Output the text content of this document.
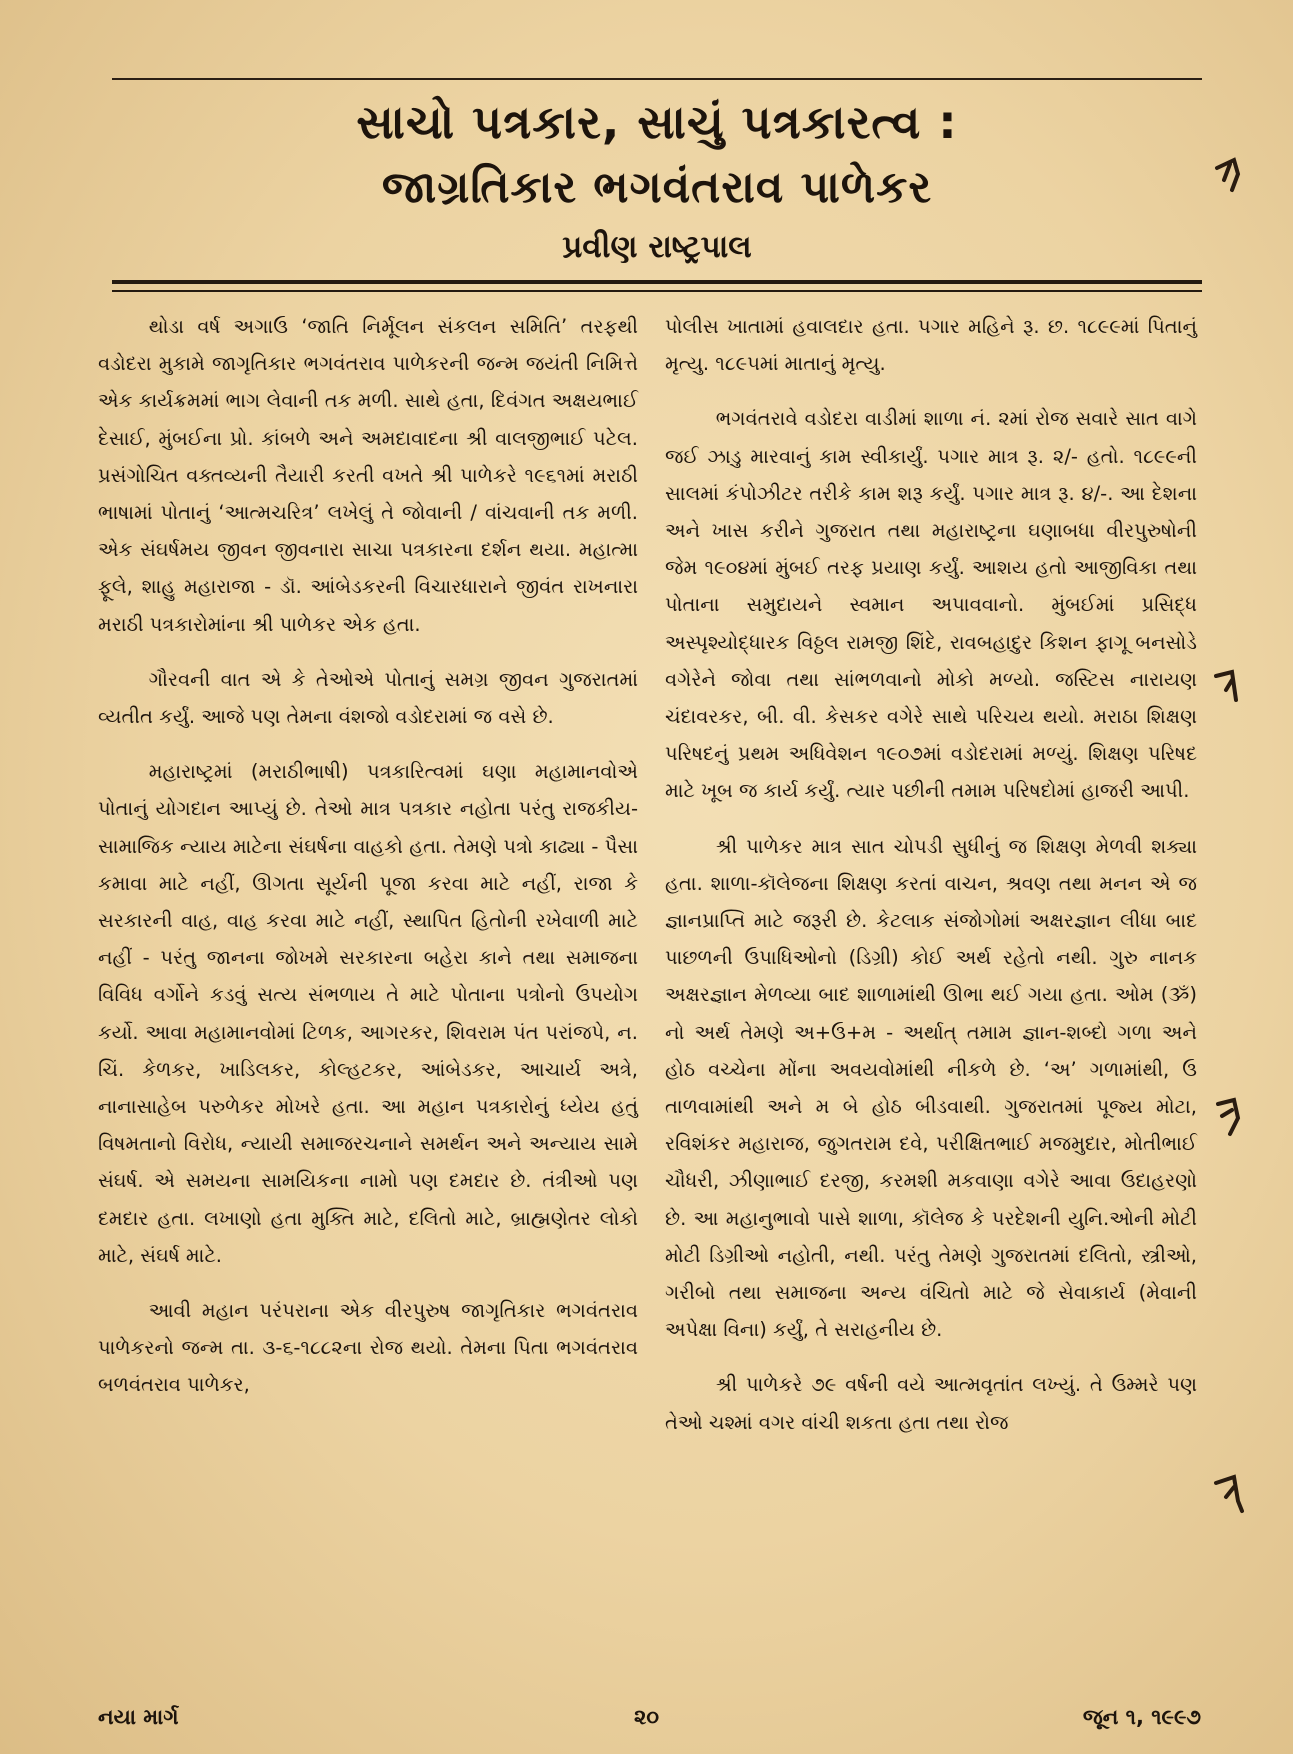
સાચો પત્રકાર, સાચું પત્રકારત્વ :
જાગ્રતિકાર ભગવંતરાવ પાળેકર
પ્રવીણ રાષ્ટ્રપાલ

થોડા વર્ષ અગાઉ ‘જાતિ નિર્મૂલન સંકલન સમિતિ’ તરફથી વડોદરા મુકામે જાગૃતિકાર ભગવંતરાવ પાળેકરની જન્મ જયંતી નિમિત્તે એક કાર્યક્રમમાં ભાગ લેવાની તક મળી. સાથે હતા, દિવંગત અક્ષયભાઈ દેસાઈ, મુંબઈના પ્રો. કાંબળે અને અમદાવાદના શ્રી વાલજીભાઈ પટેલ. પ્રસંગોચિત વક્તવ્યની તૈયારી કરતી વખતે શ્રી પાળેકરે ૧૯૬૧માં મરાઠી ભાષામાં પોતાનું ‘આત્મચરિત્ર’ લખેલું તે જોવાની / વાંચવાની તક મળી. એક સંઘર્ષમય જીવન જીવનારા સાચા પત્રકારના દર્શન થયા. મહાત્મા ફૂલે, શાહુ મહારાજા - ડૉ. આંબેડકરની વિચારધારાને જીવંત રાખનારા મરાઠી પત્રકારોમાંના શ્રી પાળેકર એક હતા.

ગૌરવની વાત એ કે તેઓએ પોતાનું સમગ્ર જીવન ગુજરાતમાં વ્યતીત કર્યું. આજે પણ તેમના વંશજો વડોદરામાં જ વસે છે.

મહારાષ્ટ્રમાં (મરાઠીભાષી) પત્રકારિત્વમાં ઘણા મહામાનવોએ પોતાનું યોગદાન આપ્યું છે. તેઓ માત્ર પત્રકાર નહોતા પરંતુ રાજકીય-સામાજિક ન્યાય માટેના સંઘર્ષના વાહકો હતા. તેમણે પત્રો કાઢ્યા - પૈસા કમાવા માટે નહીં, ઊગતા સૂર્યની પૂજા કરવા માટે નહીં, રાજા કે સરકારની વાહ, વાહ કરવા માટે નહીં, સ્થાપિત હિતોની રખેવાળી માટે નહીં - પરંતુ જાનના જોખમે સરકારના બહેરા કાને તથા સમાજના વિવિધ વર્ગોને કડવું સત્ય સંભળાય તે માટે પોતાના પત્રોનો ઉપયોગ કર્યો. આવા મહામાનવોમાં ટિળક, આગરકર, શિવરામ પંત પરાંજપે, ન. ચિં. કેળકર, ખાડિલકર, કોલ્હટકર, આંબેડકર, આચાર્ય અત્રે, નાનાસાહેબ પરુળેકર મોખરે હતા. આ મહાન પત્રકારોનું ધ્યેય હતું વિષમતાનો વિરોધ, ન્યાયી સમાજરચનાને સમર્થન અને અન્યાય સામે સંઘર્ષ. એ સમયના સામયિકના નામો પણ દમદાર છે. તંત્રીઓ પણ દમદાર હતા. લખાણો હતા મુક્તિ માટે, દલિતો માટે, બ્રાહ્મણેતર લોકો માટે, સંઘર્ષ માટે.

આવી મહાન પરંપરાના એક વીરપુરુષ જાગૃતિકાર ભગવંતરાવ પાળેકરનો જન્મ તા. ૩-૬-૧૮૮૨ના રોજ થયો. તેમના પિતા ભગવંતરાવ બળવંતરાવ પાળેકર,

પોલીસ ખાતામાં હવાલદાર હતા. પગાર મહિને રૂ. છ. ૧૮૯૯માં પિતાનું મૃત્યુ. ૧૮૯૫માં માતાનું મૃત્યુ.

ભગવંતરાવે વડોદરા વાડીમાં શાળા નં. ૨માં રોજ સવારે સાત વાગે જઈ ઝાડુ મારવાનું કામ સ્વીકાર્યું. પગાર માત્ર રૂ. ૨/- હતો. ૧૮૯૯ની સાલમાં કંપોઝીટર તરીકે કામ શરૂ કર્યું. પગાર માત્ર રૂ. ૪/-. આ દેશના અને ખાસ કરીને ગુજરાત તથા મહારાષ્ટ્રના ઘણાબધા વીરપુરુષોની જેમ ૧૯૦૪માં મુંબઈ તરફ પ્રયાણ કર્યું. આશય હતો આજીવિકા તથા પોતાના સમુદાયને સ્વમાન અપાવવાનો. મુંબઈમાં પ્રસિદ્ધ અસ્પૃશ્યોદ્ધારક વિઠ્ઠલ રામજી શિંદે, રાવબહાદુર કિશન ફાગૂ બનસોડે વગેરેને જોવા તથા સાંભળવાનો મોકો મળ્યો. જસ્ટિસ નારાયણ ચંદાવરકર, બી. વી. કેસકર વગેરે સાથે પરિચય થયો. મરાઠા શિક્ષણ પરિષદનું પ્રથમ અધિવેશન ૧૯૦૭માં વડોદરામાં મળ્યું. શિક્ષણ પરિષદ માટે ખૂબ જ કાર્ય કર્યું. ત્યાર પછીની તમામ પરિષદોમાં હાજરી આપી.

શ્રી પાળેકર માત્ર સાત ચોપડી સુધીનું જ શિક્ષણ મેળવી શક્યા હતા. શાળા-કૉલેજના શિક્ષણ કરતાં વાચન, શ્રવણ તથા મનન એ જ જ્ઞાનપ્રાપ્તિ માટે જરૂરી છે. કેટલાક સંજોગોમાં અક્ષરજ્ઞાન લીધા બાદ પાછળની ઉપાધિઓનો (ડિગ્રી) કોઈ અર્થ રહેતો નથી. ગુરુ નાનક અક્ષરજ્ઞાન મેળવ્યા બાદ શાળામાંથી ઊભા થઈ ગયા હતા. ઓમ (ૐ) નો અર્થ તેમણે અ+ઉ+મ - અર્થાત્ તમામ જ્ઞાન-શબ્દો ગળા અને હોઠ વચ્ચેના મોંના અવયવોમાંથી નીકળે છે. ‘અ’ ગળામાંથી, ઉ તાળવામાંથી અને મ બે હોઠ બીડવાથી. ગુજરાતમાં પૂજ્ય મોટા, રવિશંકર મહારાજ, જુગતરામ દવે, પરીક્ષિતભાઈ મજમુદાર, મોતીભાઈ ચૌધરી, ઝીણાભાઈ દરજી, કરમશી મકવાણા વગેરે આવા ઉદાહરણો છે. આ મહાનુભાવો પાસે શાળા, કૉલેજ કે પરદેશની યુનિ.ઓની મોટી મોટી ડિગ્રીઓ નહોતી, નથી. પરંતુ તેમણે ગુજરાતમાં દલિતો, સ્ત્રીઓ, ગરીબો તથા સમાજના અન્ય વંચિતો માટે જે સેવાકાર્ય (મેવાની અપેક્ષા વિના) કર્યું, તે સરાહનીય છે.

શ્રી પાળેકરે ૭૯ વર્ષની વયે આત્મવૃતાંત લખ્યું. તે ઉમ્મરે પણ તેઓ ચશ્માં વગર વાંચી શકતા હતા તથા રોજ

નયા માર્ગ	૨૦	જૂન ૧, ૧૯૯૭
